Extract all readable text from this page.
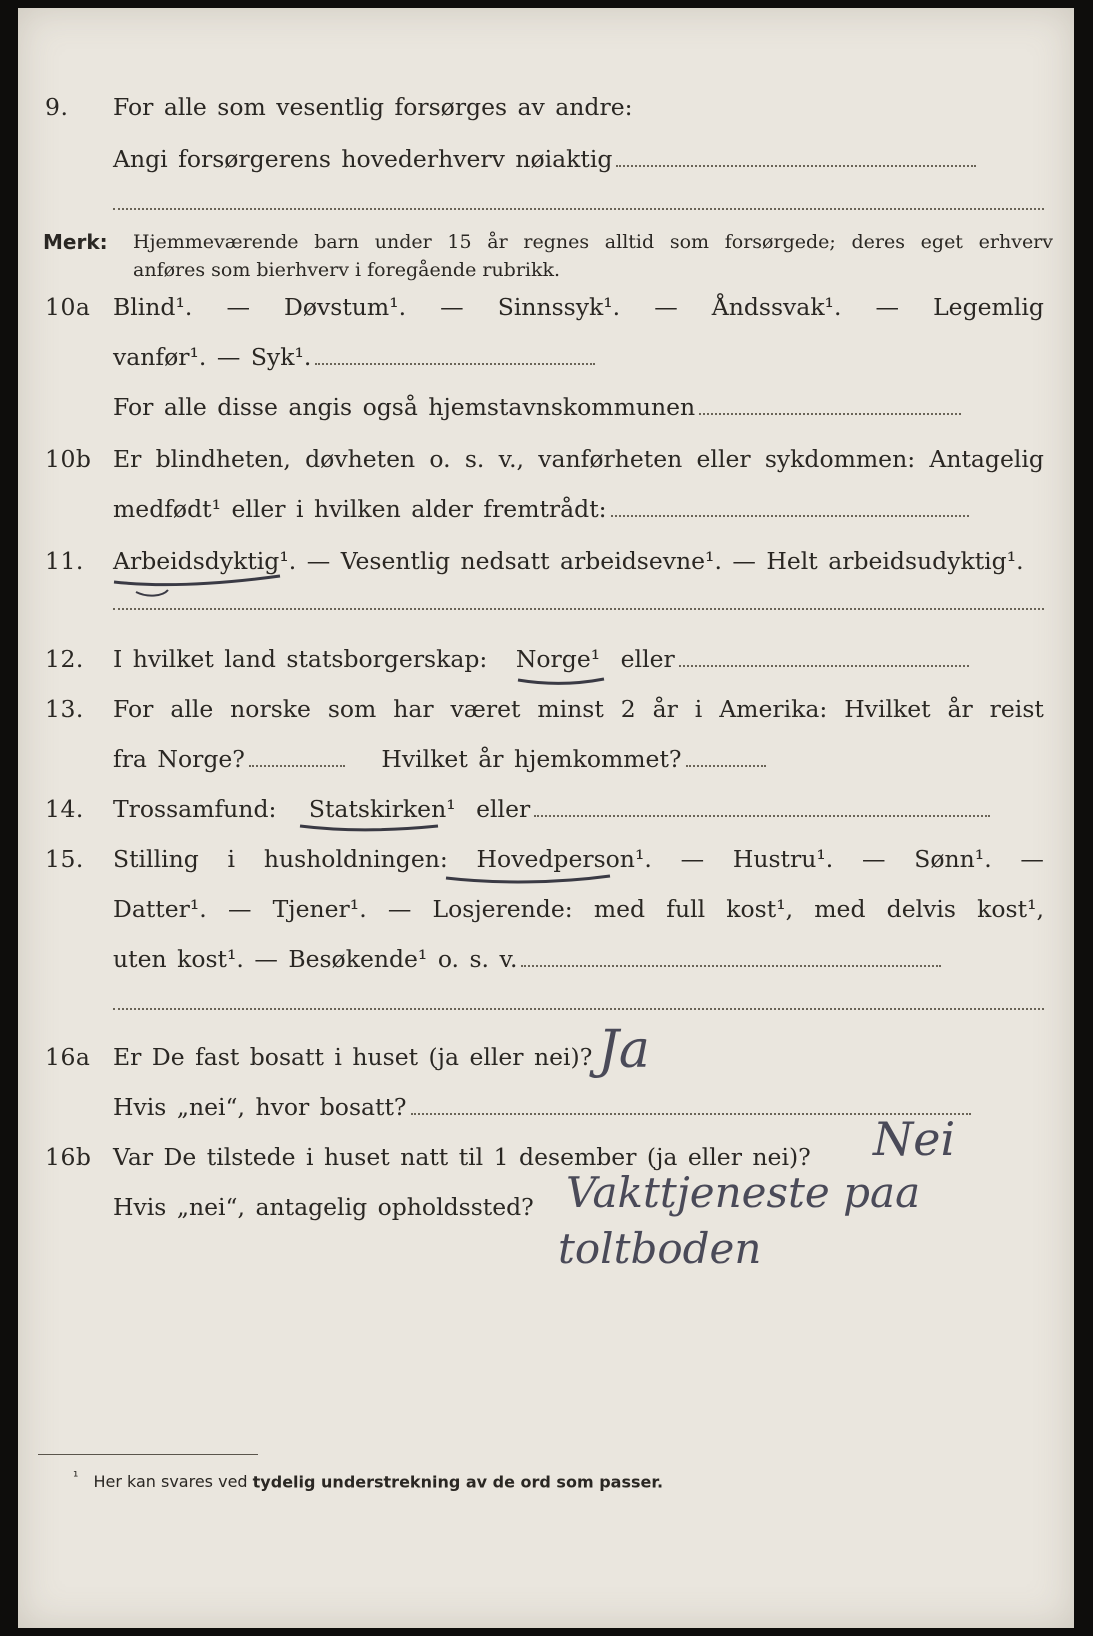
9. For alle som vesentlig forsørges av andre:
Angi forsørgerens hovederhverv nøiaktig
Merk: Hjemmeværende barn under 15 år regnes alltid som forsørgede; deres eget erhverv
anføres som bierhverv i foregående rubrikk.
10a Blind¹. — Døvstum¹. — Sinnssyk¹. — Åndssvak¹. — Legemlig
vanfør¹. — Syk¹.
For alle disse angis også hjemstavnskommunen
10b Er blindheten, døvheten o. s. v., vanførheten eller sykdommen: Antagelig
medfødt¹ eller i hvilken alder fremtrådt:
11. Arbeidsdyktig¹. — Vesentlig nedsatt arbeidsevne¹. — Helt arbeidsudyktig¹.
12. I hvilket land statsborgerskap: Norge¹ eller
13. For alle norske som har været minst 2 år i Amerika: Hvilket år reist
fra Norge?	Hvilket år hjemkommet?
14. Trossamfund: Statskirken¹ eller
15. Stilling i husholdningen: Hovedperson¹. — Hustru¹. — Sønn¹. —
Datter¹. — Tjener¹. — Losjerende: med full kost¹, med delvis kost¹,
uten kost¹. — Besøkende¹ o. s. v.
16a Er De fast bosatt i huset (ja eller nei)? Ja
Hvis „nei“, hvor bosatt?
16b Var De tilstede i huset natt til 1 desember (ja eller nei)?	Nei
Hvis „nei“, antagelig opholdssted? Vakttjeneste paa
toltboden
$^{^1}$ Her kan svares ved tydelig understrekning av de ord som passer.
